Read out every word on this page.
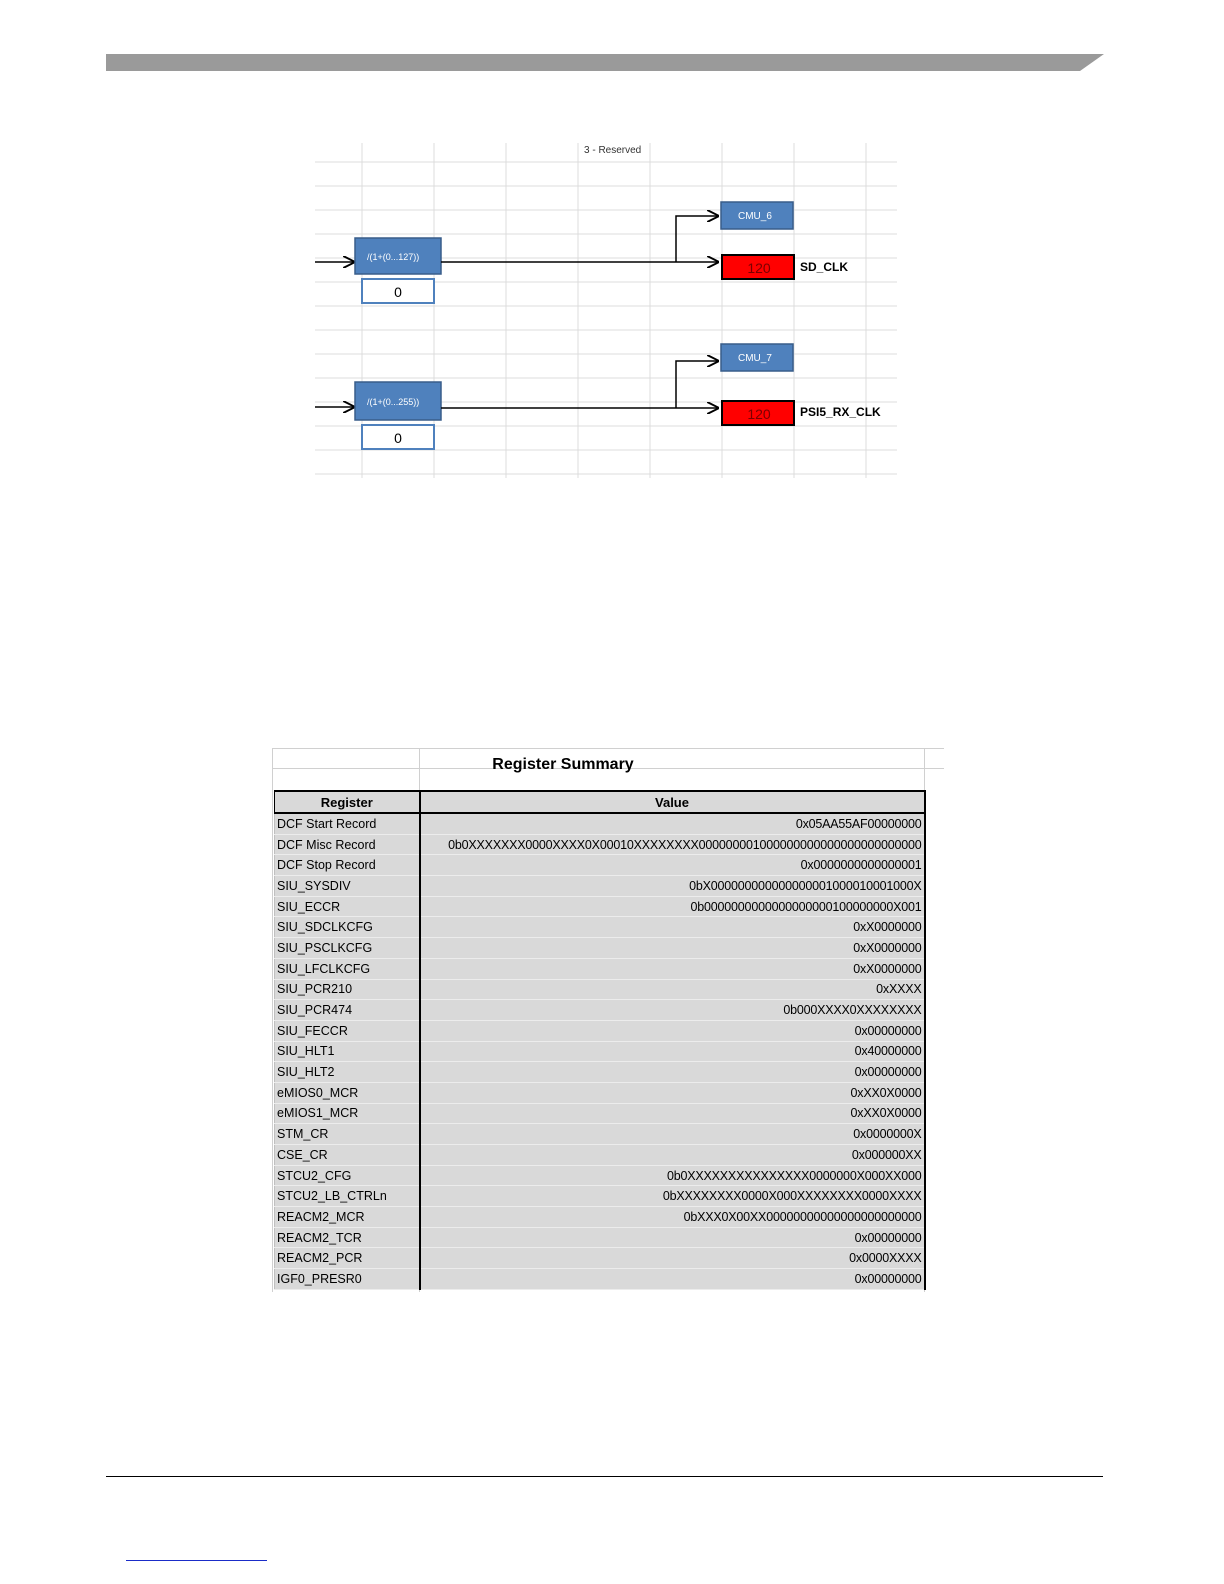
3 - Reserved
/(1+(0...127))
0
CMU_6
120 SD_CLK
/(1+(0...255))
0
CMU_7
120 PSI5_RX_CLK
Register Summary
Register	Value
DCF Start Record	0x05AA55AF00000000
DCF Misc Record	0b0XXXXXXX0000XXXX0X00010XXXXXXXX000000001000000000000000000000000
DCF Stop Record	0x0000000000000001
SIU_SYSDIV	0bX000000000000000001000010001000X
SIU_ECCR	0b0000000000000000000100000000X001
SIU_SDCLKCFG	0xX0000000
SIU_PSCLKCFG	0xX0000000
SIU_LFCLKCFG	0xX0000000
SIU_PCR210	0xXXXX
SIU_PCR474	0b000XXXX0XXXXXXXX
SIU_FECCR	0x00000000
SIU_HLT1	0x40000000
SIU_HLT2	0x00000000
eMIOS0_MCR	0xXX0X0000
eMIOS1_MCR	0xXX0X0000
STM_CR	0x0000000X
CSE_CR	0x000000XX
STCU2_CFG	0b0XXXXXXXXXXXXXXX0000000X000XX000
STCU2_LB_CTRLn	0bXXXXXXXX0000X000XXXXXXXX0000XXXX
REACM2_MCR	0bXXX0X00XX00000000000000000000000
REACM2_TCR	0x00000000
REACM2_PCR	0x0000XXXX
IGF0_PRESR0	0x00000000
